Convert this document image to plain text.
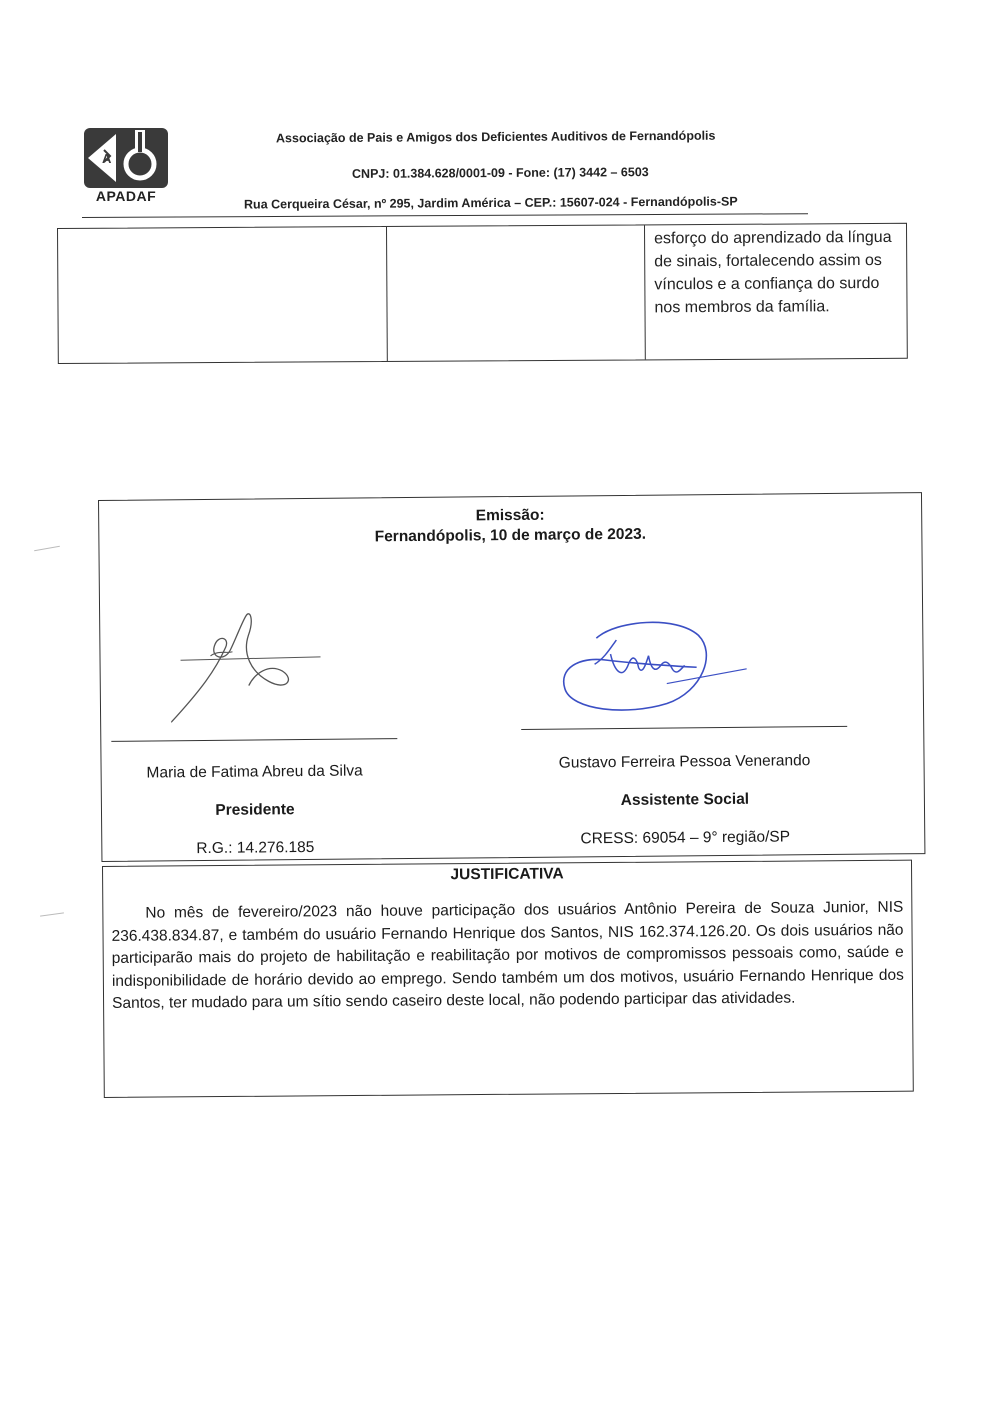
A
APADAF
Associação de Pais e Amigos dos Deficientes Auditivos de Fernandópolis
CNPJ: 01.384.628/0001-09 - Fone: (17) 3442 – 6503
Rua Cerqueira César, nº 295, Jardim América – CEP.: 15607-024 - Fernandópolis-SP
esforço do aprendizado da língua de sinais, fortalecendo assim os vínculos e a confiança do surdo nos membros da família.
Emissão:
Fernandópolis, 10 de março de 2023.
Maria de Fatima Abreu da Silva
Presidente
R.G.: 14.276.185
Gustavo Ferreira Pessoa Venerando
Assistente Social
CRESS: 69054 – 9° região/SP
JUSTIFICATIVA
No mês de fevereiro/2023 não houve participação dos usuários Antônio Pereira de Souza Junior, NIS 236.438.834.87, e também do usuário Fernando Henrique dos Santos, NIS 162.374.126.20. Os dois usuários não participarão mais do projeto de habilitação e reabilitação por motivos de compromissos pessoais como, saúde e indisponibilidade de horário devido ao emprego. Sendo também um dos motivos, usuário Fernando Henrique dos Santos, ter mudado para um sítio sendo caseiro deste local, não podendo participar das atividades.
